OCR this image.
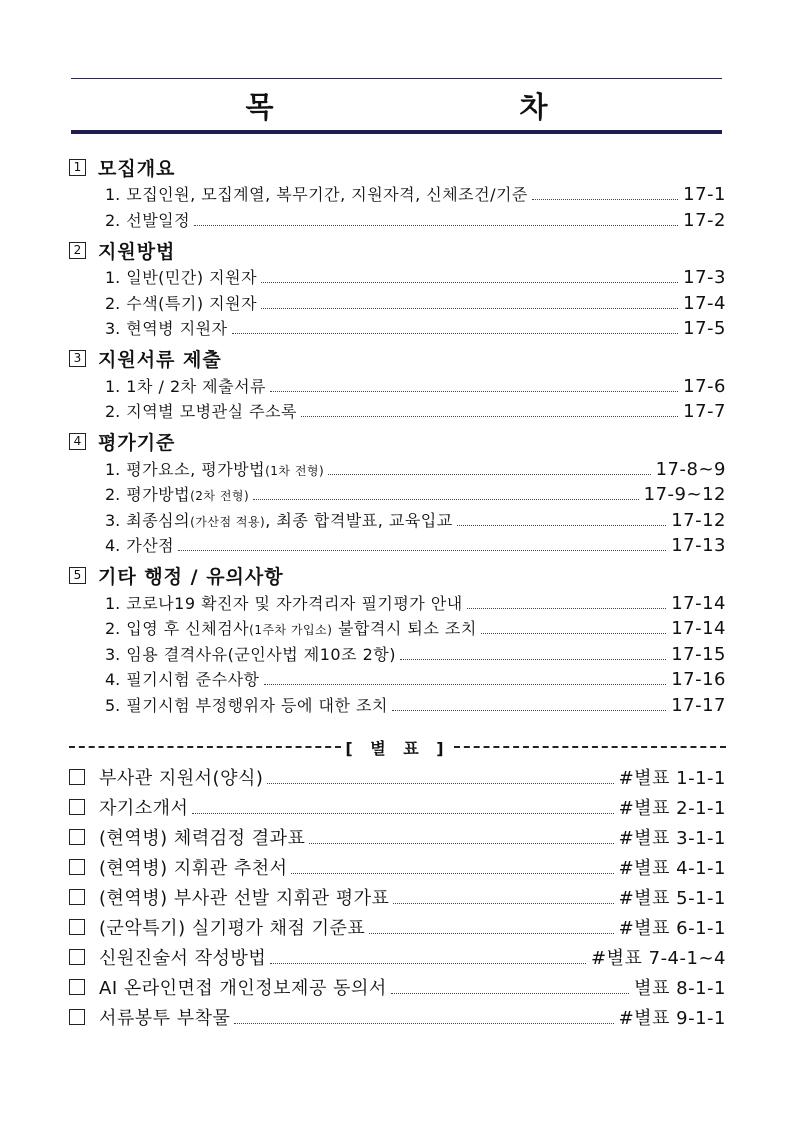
목 차
1 모집개요
1. 모집인원, 모집계열, 복무기간, 지원자격, 신체조건/기준	17-1
2. 선발일정	17-2
2 지원방법
1. 일반(민간) 지원자	17-3
2. 수색(특기) 지원자	17-4
3. 현역병 지원자	17-5
3 지원서류 제출
1. 1차 / 2차 제출서류	17-6
2. 지역별 모병관실 주소록	17-7
4 평가기준
1. 평가요소, 평가방법(1차 전형)	17-8~9
2. 평가방법(2차 전형)	17-9~12
3. 최종심의(가산점 적용), 최종 합격발표, 교육입교	17-12
4. 가산점	17-13
5 기타 행정 / 유의사항
1. 코로나19 확진자 및 자가격리자 필기평가 안내	17-14
2. 입영 후 신체검사(1주차 가입소) 불합격시 퇴소 조치	17-14
3. 임용 결격사유(군인사법 제10조 2항)	17-15
4. 필기시험 준수사항	17-16
5. 필기시험 부정행위자 등에 대한 조치	17-17
[ 별 표 ]
부사관 지원서(양식)	#별표 1-1-1
자기소개서	#별표 2-1-1
(현역병) 체력검정 결과표	#별표 3-1-1
(현역병) 지휘관 추천서	#별표 4-1-1
(현역병) 부사관 선발 지휘관 평가표	#별표 5-1-1
(군악특기) 실기평가 채점 기준표	#별표 6-1-1
신원진술서 작성방법	#별표 7-4-1~4
AI 온라인면접 개인정보제공 동의서	별표 8-1-1
서류봉투 부착물	#별표 9-1-1
